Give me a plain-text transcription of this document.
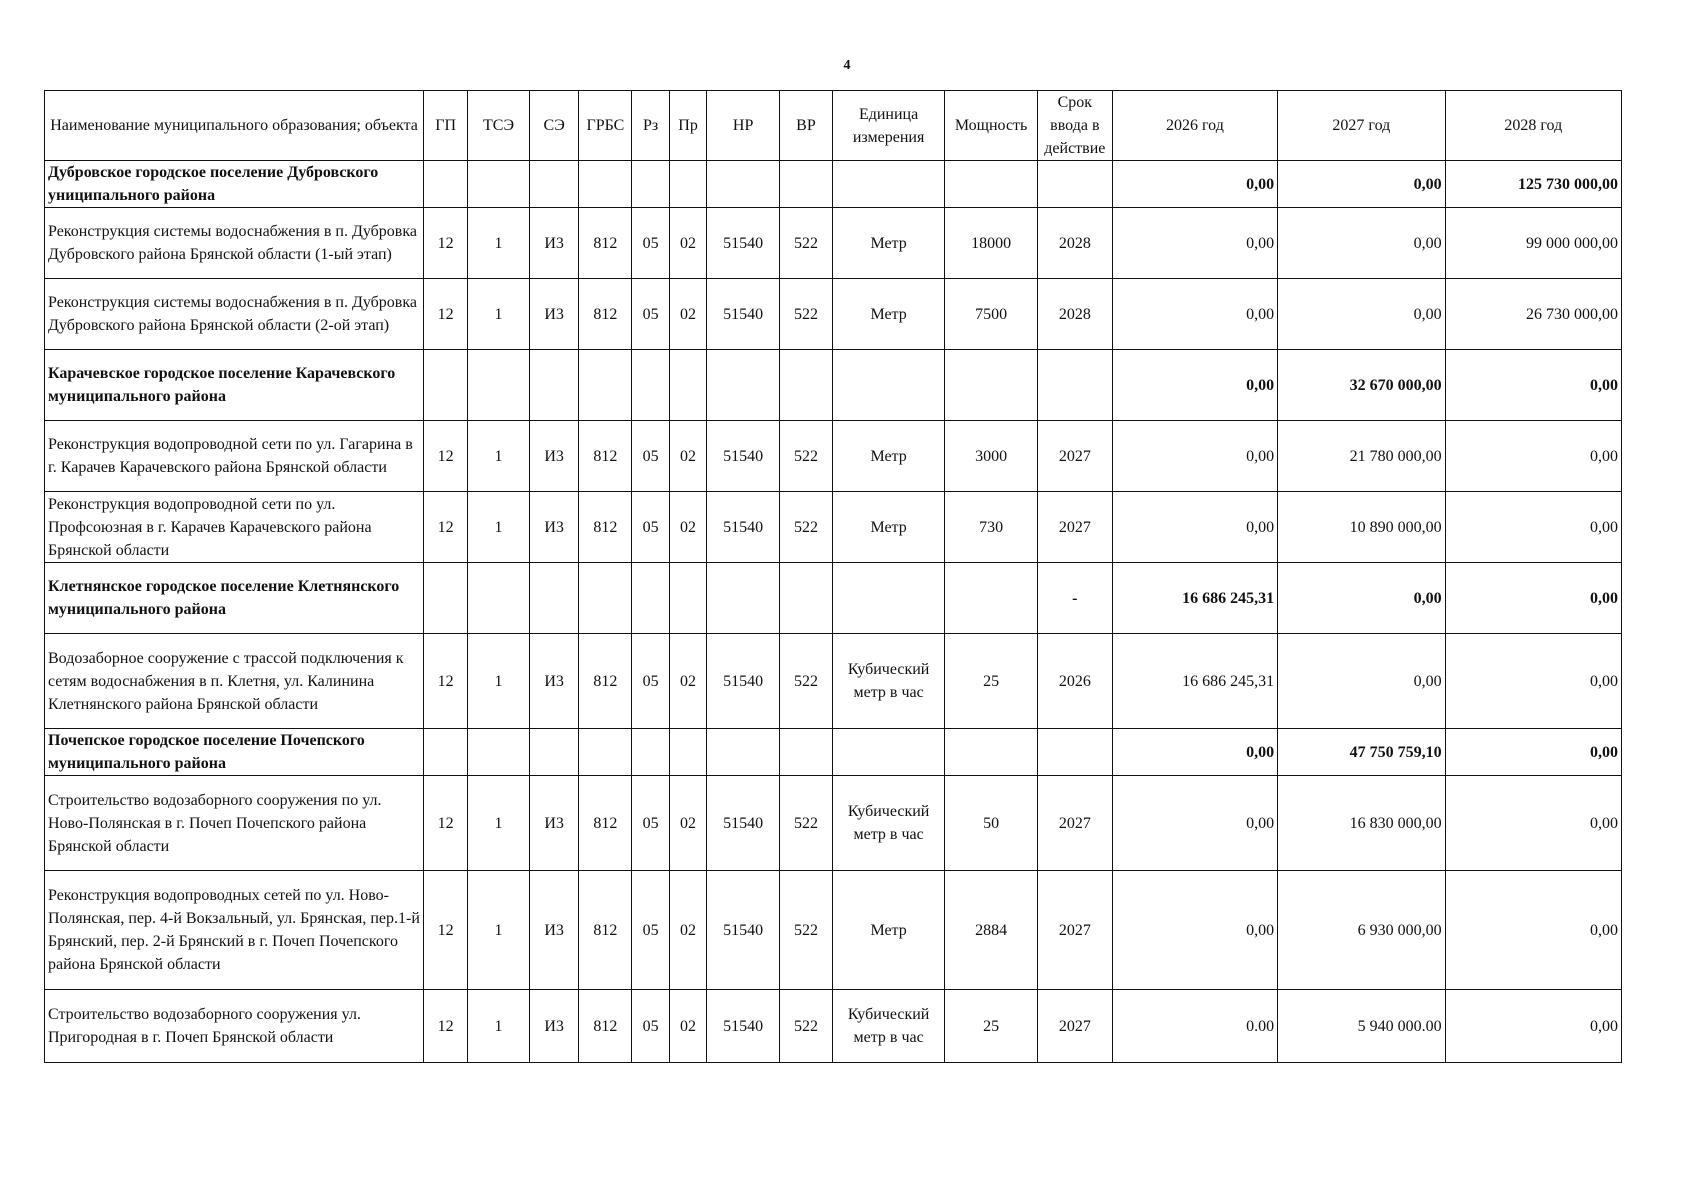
4
Наименование муниципального образования; объекта	ГП	ТСЭ	СЭ	ГРБС	Рз	Пр	НР	ВР	Единица измерения	Мощность	Срок ввода в действие	2026 год	2027 год	2028 год
Дубровское городское поселение Дубровского униципального района												0,00	0,00	125 730 000,00
Реконструкция системы водоснабжения в п. Дубровка Дубровского района Брянской области (1-ый этап)	12	1	И3	812	05	02	51540	522	Метр	18000	2028	0,00	0,00	99 000 000,00
Реконструкция системы водоснабжения в п. Дубровка Дубровского района Брянской области (2-ой этап)	12	1	И3	812	05	02	51540	522	Метр	7500	2028	0,00	0,00	26 730 000,00
Карачевское городское поселение Карачевского муниципального района												0,00	32 670 000,00	0,00
Реконструкция водопроводной сети по ул. Гагарина в г. Карачев Карачевского района Брянской области	12	1	И3	812	05	02	51540	522	Метр	3000	2027	0,00	21 780 000,00	0,00
Реконструкция водопроводной сети по ул. Профсоюзная в г. Карачев Карачевского района Брянской области	12	1	И3	812	05	02	51540	522	Метр	730	2027	0,00	10 890 000,00	0,00
Клетнянское городское поселение Клетнянского муниципального района											-	16 686 245,31	0,00	0,00
Водозаборное сооружение с трассой подключения к сетям водоснабжения в п. Клетня, ул. Калинина Клетнянского района Брянской области	12	1	И3	812	05	02	51540	522	Кубический метр в час	25	2026	16 686 245,31	0,00	0,00
Почепское городское поселение Почепского муниципального района												0,00	47 750 759,10	0,00
Строительство водозаборного сооружения по ул. Ново-Полянская в г. Почеп Почепского района Брянской области	12	1	И3	812	05	02	51540	522	Кубический метр в час	50	2027	0,00	16 830 000,00	0,00
Реконструкция водопроводных сетей по ул. Ново-Полянская, пер. 4-й Вокзальный, ул. Брянская, пер.1-й Брянский, пер. 2-й Брянский в г. Почеп Почепского района Брянской области	12	1	И3	812	05	02	51540	522	Метр	2884	2027	0,00	6 930 000,00	0,00
Строительство водозаборного сооружения ул. Пригородная в г. Почеп Брянской области	12	1	И3	812	05	02	51540	522	Кубический метр в час	25	2027	0.00	5 940 000.00	0,00
